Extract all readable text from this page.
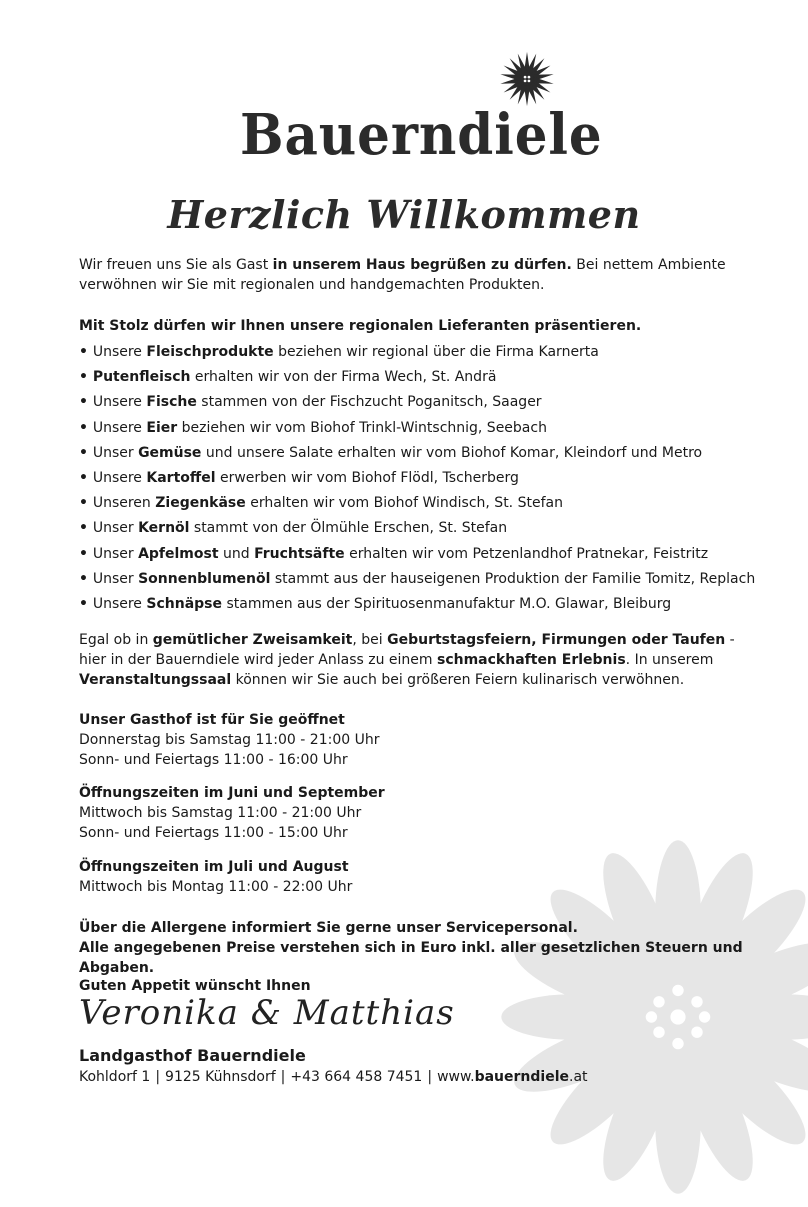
Bauerndiele
Herzlich Willkommen

Wir freuen uns Sie als Gast in unserem Haus begrüßen zu dürfen. Bei nettem Ambiente

verwöhnen wir Sie mit regionalen und handgemachten Produkten.

Mit Stolz dürfen wir Ihnen unsere regionalen Lieferanten präsentieren.
• Unsere Fleischprodukte beziehen wir regional über die Firma Karnerta
• Putenfleisch erhalten wir von der Firma Wech, St. Andrä
• Unsere Fische stammen von der Fischzucht Poganitsch, Saager
• Unsere Eier beziehen wir vom Biohof Trinkl-Wintschnig, Seebach
• Unser Gemüse und unsere Salate erhalten wir vom Biohof Komar, Kleindorf und Metro
• Unsere Kartoffel erwerben wir vom Biohof Flödl, Tscherberg
• Unseren Ziegenkäse erhalten wir vom Biohof Windisch, St. Stefan
• Unser Kernöl stammt von der Ölmühle Erschen, St. Stefan
• Unser Apfelmost und Fruchtsäfte erhalten wir vom Petzenlandhof Pratnekar, Feistritz
• Unser Sonnenblumenöl stammt aus der hauseigenen Produktion der Familie Tomitz, Replach
• Unsere Schnäpse stammen aus der Spirituosenmanufaktur M.O. Glawar, Bleiburg

Egal ob in gemütlicher Zweisamkeit, bei Geburtstagsfeiern, Firmungen oder Taufen -

hier in der Bauerndiele wird jeder Anlass zu einem schmackhaften Erlebnis. In unserem

Veranstaltungssaal können wir Sie auch bei größeren Feiern kulinarisch verwöhnen.

Unser Gasthof ist für Sie geöffnet

Donnerstag bis Samstag 11:00 - 21:00 Uhr

Sonn- und Feiertags 11:00 - 16:00 Uhr

Öffnungszeiten im Juni und September

Mittwoch bis Samstag 11:00 - 21:00 Uhr

Sonn- und Feiertags 11:00 - 15:00 Uhr

Öffnungszeiten im Juli und August

Mittwoch bis Montag 11:00 - 22:00 Uhr

Über die Allergene informiert Sie gerne unser Servicepersonal.

Alle angegebenen Preise verstehen sich in Euro inkl. aller gesetzlichen Steuern und Abgaben.

Guten Appetit wünscht Ihnen
Veronika & Matthias
Landgasthof Bauerndiele
Kohldorf 1 | 9125 Kühnsdorf | +43 664 458 7451 | www.bauerndiele.at
